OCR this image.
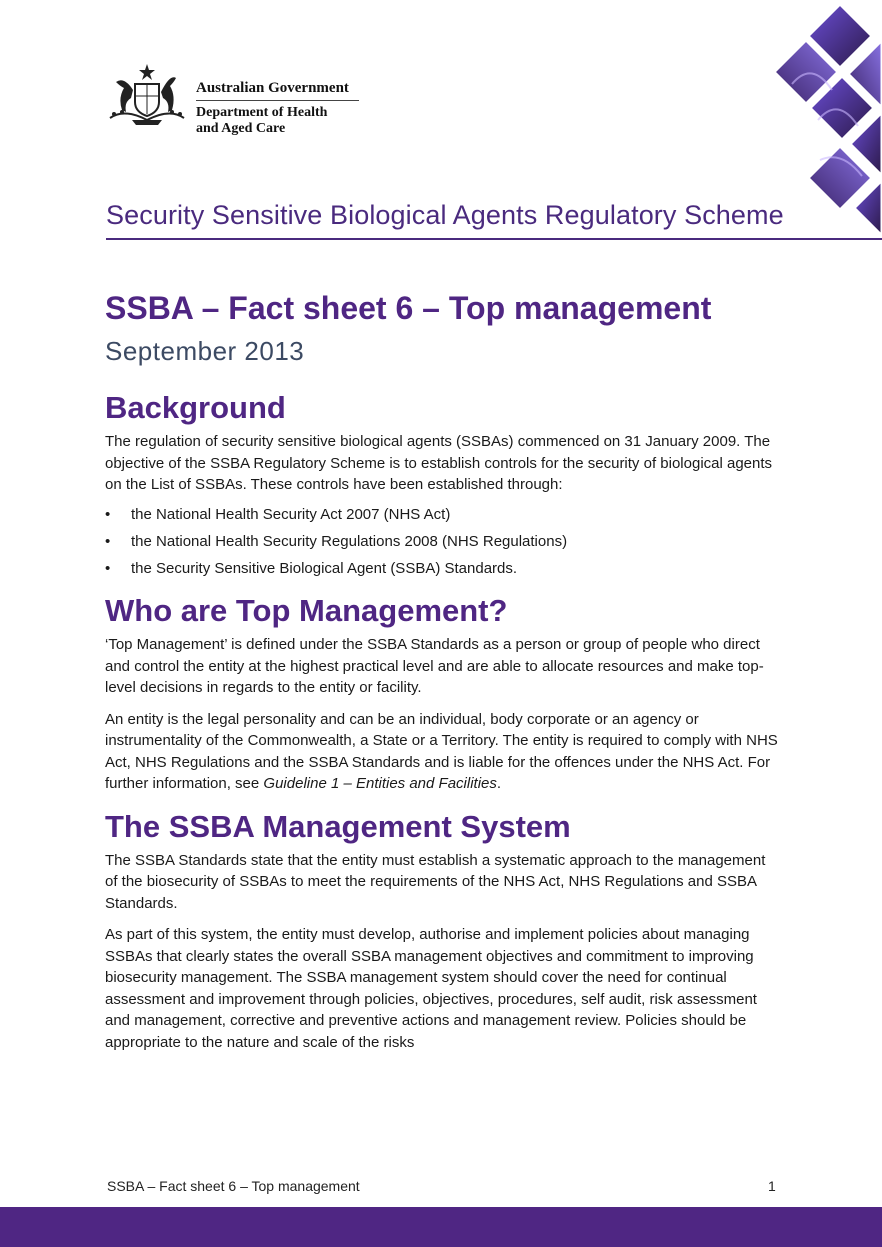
Australian Government
Department of Health
and Aged Care
Security Sensitive Biological Agents Regulatory Scheme
SSBA – Fact sheet 6 – Top management
September 2013
Background

The regulation of security sensitive biological agents (SSBAs) commenced on 31 January 2009. The objective of the SSBA Regulatory Scheme is to establish controls for the security of biological agents on the List of SSBAs. These controls have been established through:

• the National Health Security Act 2007 (NHS Act)
• the National Health Security Regulations 2008 (NHS Regulations)
• the Security Sensitive Biological Agent (SSBA) Standards.
Who are Top Management?

‘Top Management’ is defined under the SSBA Standards as a person or group of people who direct and control the entity at the highest practical level and are able to allocate resources and make top-level decisions in regards to the entity or facility.

An entity is the legal personality and can be an individual, body corporate or an agency or instrumentality of the Commonwealth, a State or a Territory. The entity is required to comply with NHS Act, NHS Regulations and the SSBA Standards and is liable for the offences under the NHS Act. For further information, see Guideline 1 – Entities and Facilities.

The SSBA Management System

The SSBA Standards state that the entity must establish a systematic approach to the management of the biosecurity of SSBAs to meet the requirements of the NHS Act, NHS Regulations and SSBA Standards.

As part of this system, the entity must develop, authorise and implement policies about managing SSBAs that clearly states the overall SSBA management objectives and commitment to improving biosecurity management. The SSBA management system should cover the need for continual assessment and improvement through policies, objectives, procedures, self audit, risk assessment and management, corrective and preventive actions and management review. Policies should be appropriate to the nature and scale of the risks

SSBA – Fact sheet 6 – Top management	1
